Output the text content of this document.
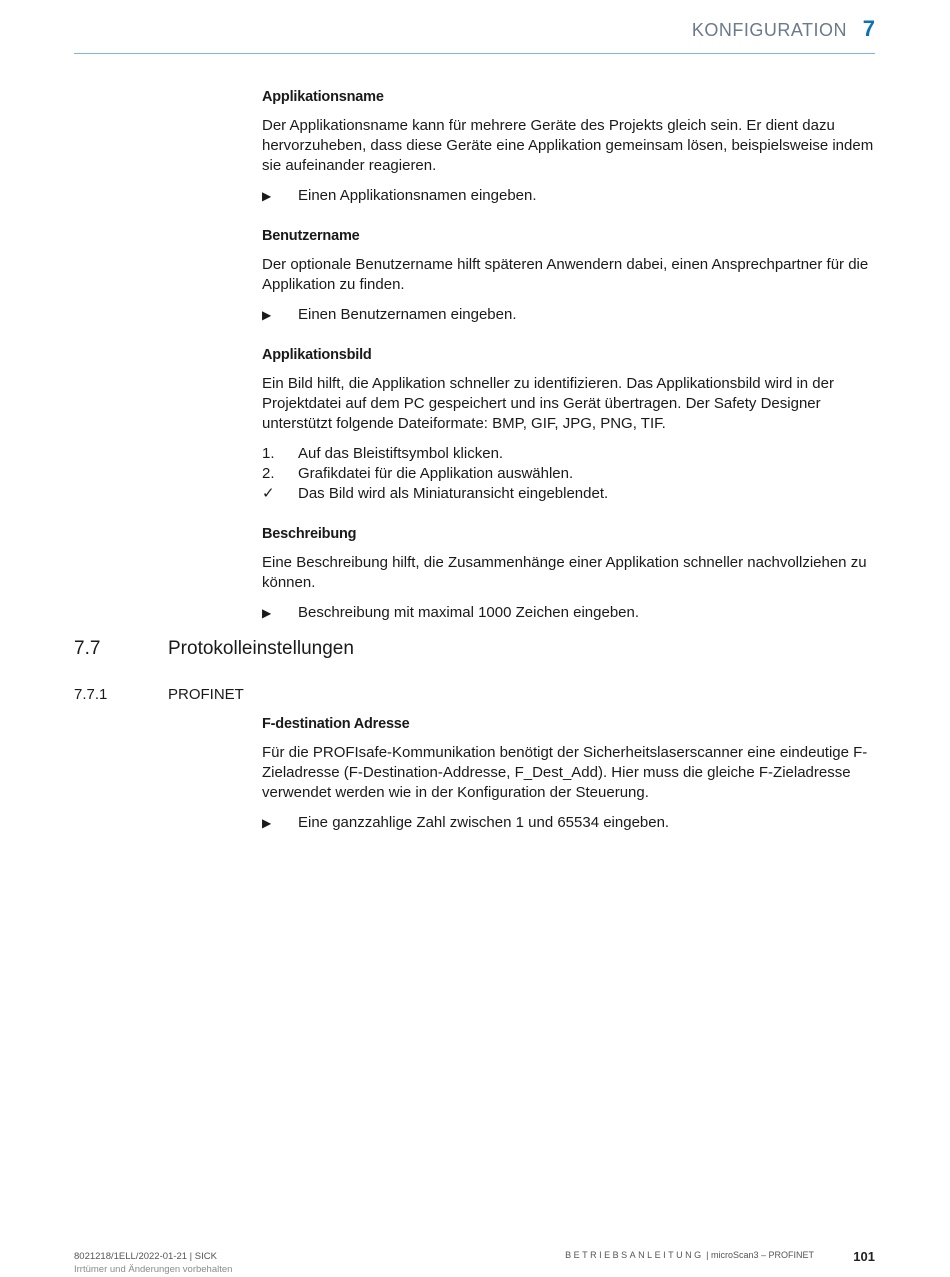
KONFIGURATION 7
Applikationsname

Der Applikationsname kann für mehrere Geräte des Projekts gleich sein. Er dient dazu hervorzuheben, dass diese Geräte eine Applikation gemeinsam lösen, beispielsweise indem sie aufeinander reagieren.

▶ Einen Applikationsnamen eingeben.
Benutzername

Der optionale Benutzername hilft späteren Anwendern dabei, einen Ansprechpartner für die Applikation zu finden.

▶ Einen Benutzernamen eingeben.
Applikationsbild

Ein Bild hilft, die Applikation schneller zu identifizieren. Das Applikationsbild wird in der Projektdatei auf dem PC gespeichert und ins Gerät übertragen. Der Safety Designer unterstützt folgende Dateiformate: BMP, GIF, JPG, PNG, TIF.

1. Auf das Bleistiftsymbol klicken.
2. Grafikdatei für die Applikation auswählen.
✓ Das Bild wird als Miniaturansicht eingeblendet.
Beschreibung

Eine Beschreibung hilft, die Zusammenhänge einer Applikation schneller nachvollziehen zu können.

▶ Beschreibung mit maximal 1000 Zeichen eingeben.
7.7	Protokolleinstellungen
7.7.1	PROFINET
F-destination Adresse

Für die PROFIsafe-Kommunikation benötigt der Sicherheitslaserscanner eine eindeutige F-Zieladresse (F-Destination-Addresse, F_Dest_Add). Hier muss die gleiche F-Zieladresse verwendet werden wie in der Konfiguration der Steuerung.

▶ Eine ganzzahlige Zahl zwischen 1 und 65534 eingeben.
8021218/1ELL/2022-01-21 | SICK
Irrtümer und Änderungen vorbehalten
BETRIEBSANLEITUNG | microScan3 – PROFINET	101
